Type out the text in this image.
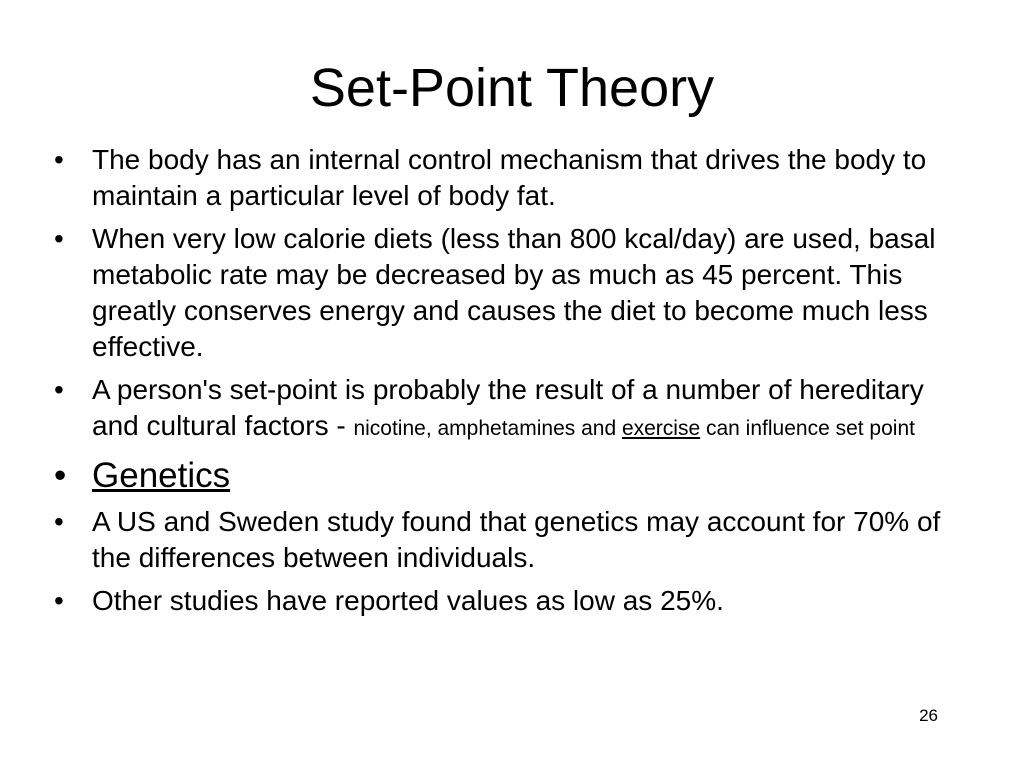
Set-Point Theory
•	The body has an internal control mechanism that drives the body to maintain a particular level of body fat.
•	When very low calorie diets (less than 800 kcal/day) are used, basal metabolic rate may be decreased by as much as 45 percent. This greatly conserves energy and causes the diet to become much less effective.
•	A person's set-point is probably the result of a number of hereditary and cultural factors - nicotine, amphetamines and exercise can influence set point
• Genetics
•	A US and Sweden study found that genetics may account for 70% of the differences between individuals.
•	Other studies have reported values as low as 25%.
26
